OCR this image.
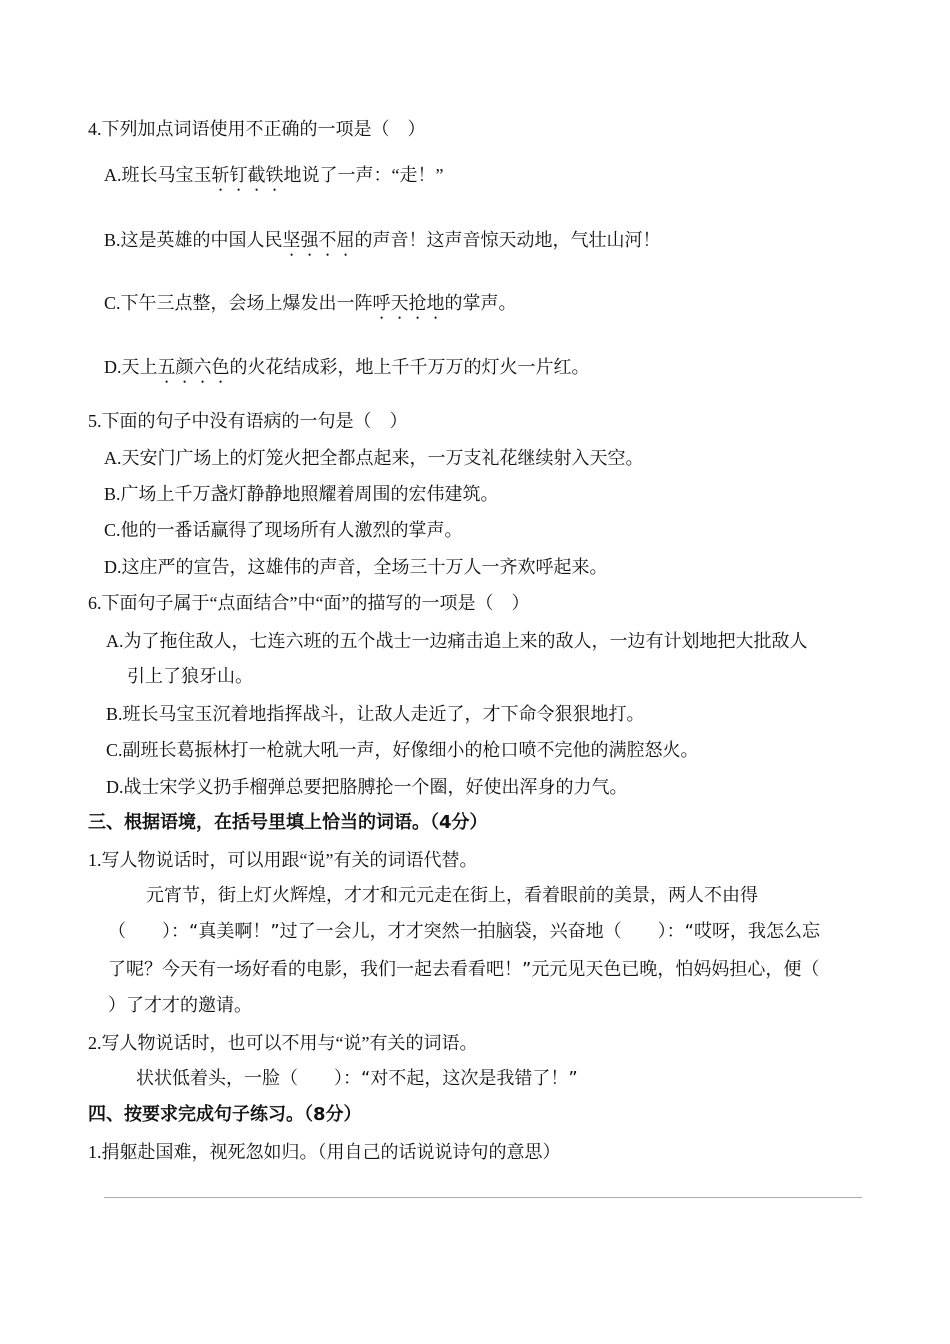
4.下列加点词语使用不正确的一项是（　）
A.班长马宝玉斩钉截铁地说了一声：“走！”
B.这是英雄的中国人民坚强不屈的声音！这声音惊天动地，气壮山河！
C.下午三点整，会场上爆发出一阵呼天抢地的掌声。
D.天上五颜六色的火花结成彩，地上千千万万的灯火一片红。
5.下面的句子中没有语病的一句是（　）
A.天安门广场上的灯笼火把全都点起来，一万支礼花继续射入天空。
B.广场上千万盏灯静静地照耀着周围的宏伟建筑。
C.他的一番话赢得了现场所有人激烈的掌声。
D.这庄严的宣告，这雄伟的声音，全场三十万人一齐欢呼起来。
6.下面句子属于“点面结合”中“面”的描写的一项是（　）
A.为了拖住敌人，七连六班的五个战士一边痛击追上来的敌人，一边有计划地把大批敌人
引上了狼牙山。
B.班长马宝玉沉着地指挥战斗，让敌人走近了，才下命令狠狠地打。
C.副班长葛振林打一枪就大吼一声，好像细小的枪口喷不完他的满腔怒火。
D.战士宋学义扔手榴弹总要把胳膊抡一个圈，好使出浑身的力气。
三、根据语境，在括号里填上恰当的词语。（4分）
1.写人物说话时，可以用跟“说”有关的词语代替。
元宵节，街上灯火辉煌，才才和元元走在街上，看着眼前的美景，两人不由得
（　　）：“真美啊！”过了一会儿，才才突然一拍脑袋，兴奋地（　　）：“哎呀，我怎么忘
了呢？今天有一场好看的电影，我们一起去看看吧！”元元见天色已晚，怕妈妈担心，便（
）了才才的邀请。
2.写人物说话时，也可以不用与“说”有关的词语。
状状低着头，一脸（　　）：“对不起，这次是我错了！”
四、按要求完成句子练习。（8分）
1.捐躯赴国难，视死忽如归。（用自己的话说说诗句的意思）
